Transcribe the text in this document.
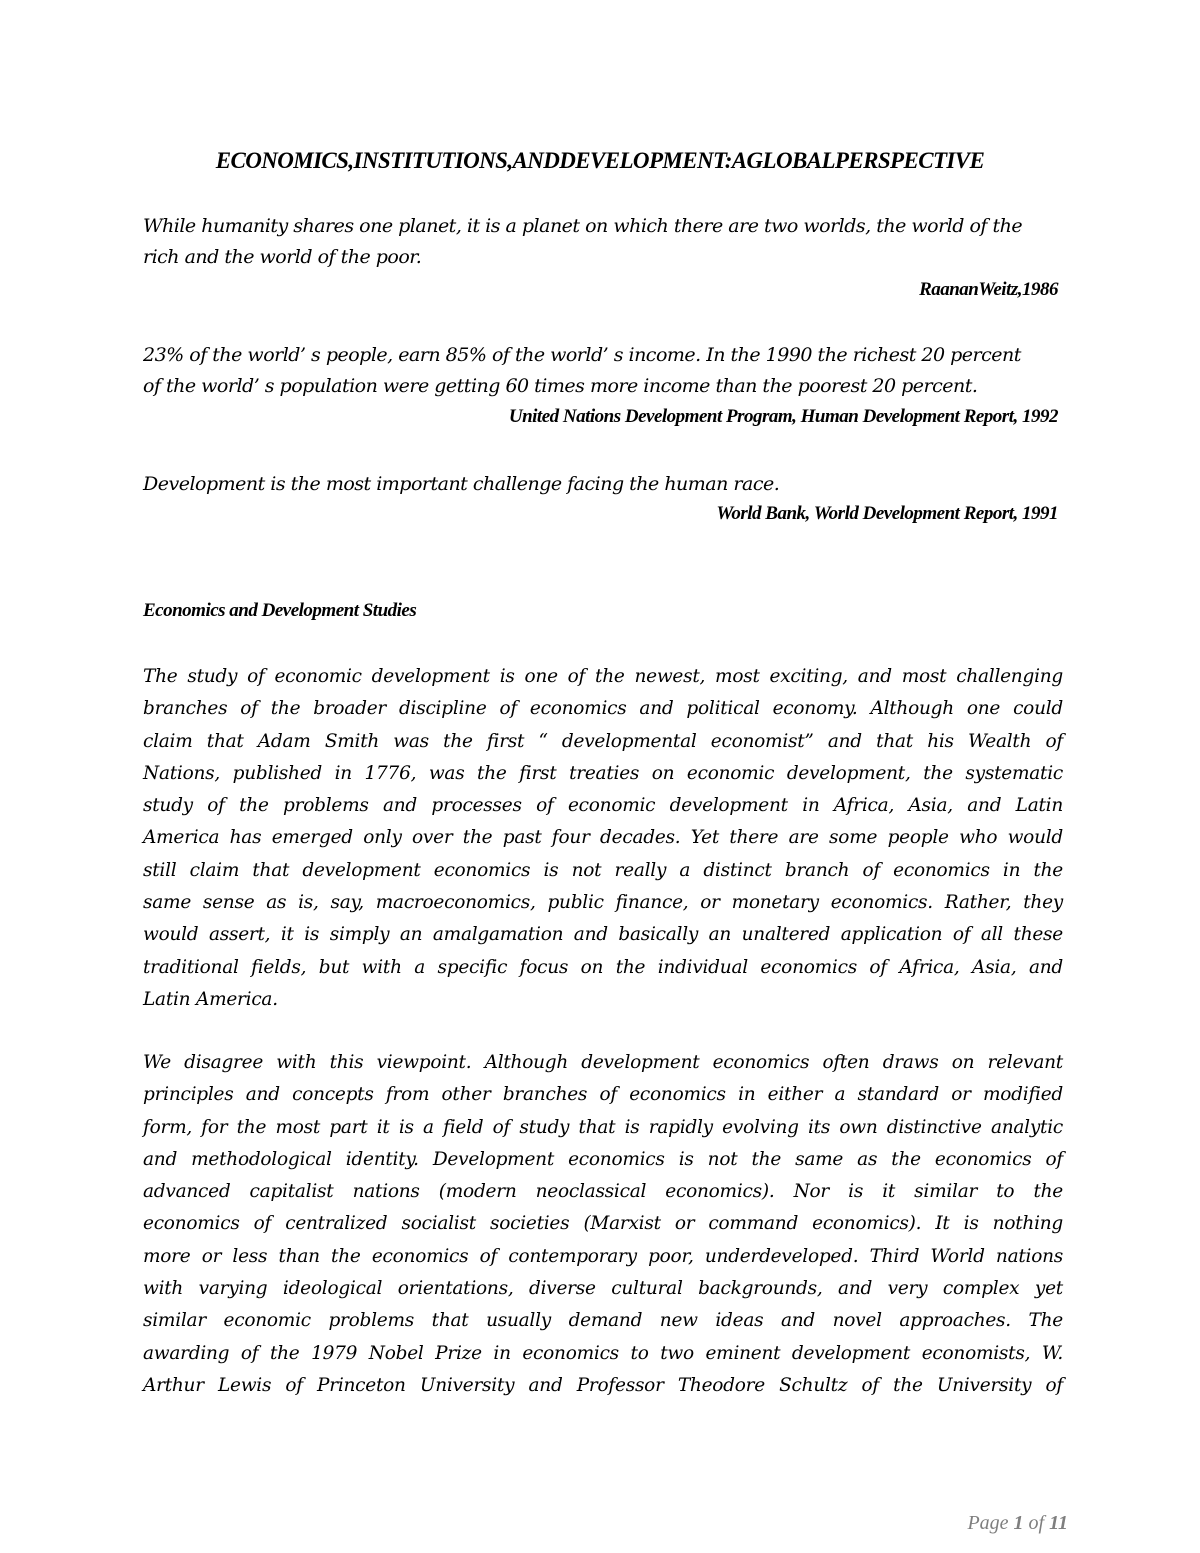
ECONOMICS,INSTITUTIONS,ANDDEVELOPMENT:AGLOBALPERSPECTIVE
While humanity shares one planet, it is a planet on which there are two worlds, the world of the
rich and the world of the poor.
RaananWeitz,1986
23% of the world’ s people, earn 85% of the world’ s income. In the 1990 the richest 20 percent
of the world’ s population were getting 60 times more income than the poorest 20 percent.
United Nations Development Program, Human Development Report, 1992
Development is the most important challenge facing the human race.
World Bank, World Development Report, 1991
Economics and Development Studies
The study of economic development is one of the newest, most exciting, and most challenging
branches of the broader discipline of economics and political economy. Although one could
claim that Adam Smith was the first “ developmental economist” and that his Wealth of
Nations, published in 1776, was the first treaties on economic development, the systematic
study of the problems and processes of economic development in Africa, Asia, and Latin
America has emerged only over the past four decades. Yet there are some people who would
still claim that development economics is not really a distinct branch of economics in the
same sense as is, say, macroeconomics, public finance, or monetary economics. Rather, they
would assert, it is simply an amalgamation and basically an unaltered application of all these
traditional fields, but with a specific focus on the individual economics of Africa, Asia, and
Latin America.
We disagree with this viewpoint. Although development economics often draws on relevant
principles and concepts from other branches of economics in either a standard or modified
form, for the most part it is a field of study that is rapidly evolving its own distinctive analytic
and methodological identity. Development economics is not the same as the economics of
advanced capitalist nations (modern neoclassical economics). Nor is it similar to the
economics of centralized socialist societies (Marxist or command economics). It is nothing
more or less than the economics of contemporary poor, underdeveloped. Third World nations
with varying ideological orientations, diverse cultural backgrounds, and very complex yet
similar economic problems that usually demand new ideas and novel approaches. The
awarding of the 1979 Nobel Prize in economics to two eminent development economists, W.
Arthur Lewis of Princeton University and Professor Theodore Schultz of the University of
Page 1 of 11
